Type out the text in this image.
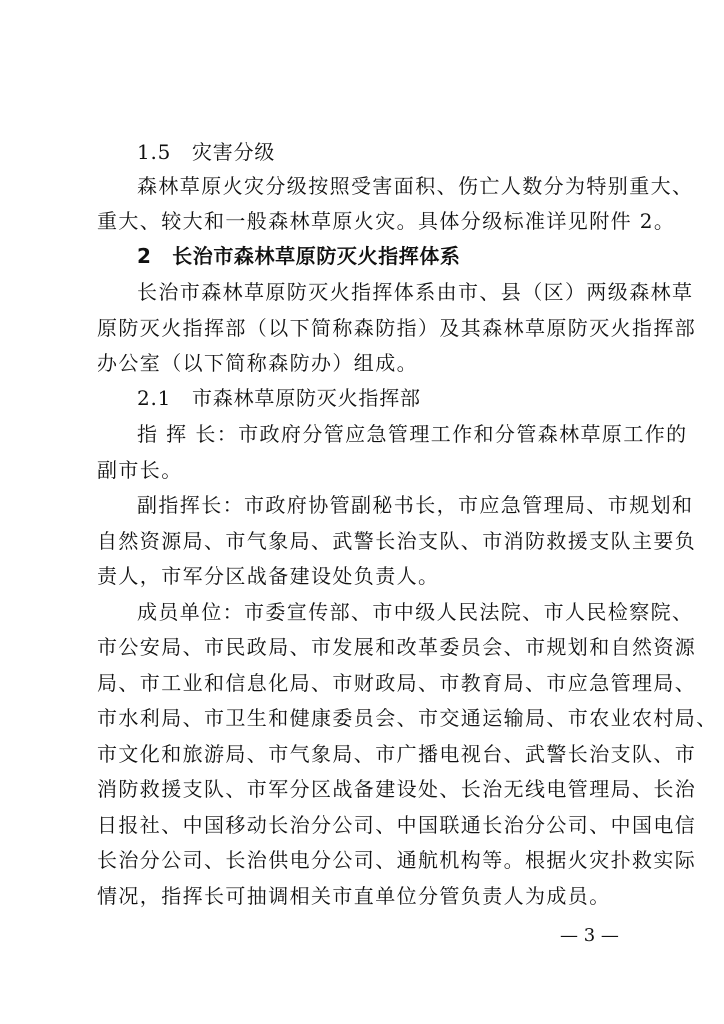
1.5　灾害分级
森林草原火灾分级按照受害面积、伤亡人数分为特别重大、
重大、较大和一般森林草原火灾。具体分级标准详见附件 2。
2　长治市森林草原防灭火指挥体系
长治市森林草原防灭火指挥体系由市、县（区）两级森林草
原防灭火指挥部（以下简称森防指）及其森林草原防灭火指挥部
办公室（以下简称森防办）组成。
2.1　市森林草原防灭火指挥部
指 挥 长：市政府分管应急管理工作和分管森林草原工作的
副市长。
副指挥长：市政府协管副秘书长，市应急管理局、市规划和
自然资源局、市气象局、武警长治支队、市消防救援支队主要负
责人，市军分区战备建设处负责人。
成员单位：市委宣传部、市中级人民法院、市人民检察院、
市公安局、市民政局、市发展和改革委员会、市规划和自然资源
局、市工业和信息化局、市财政局、市教育局、市应急管理局、
市水利局、市卫生和健康委员会、市交通运输局、市农业农村局、
市文化和旅游局、市气象局、市广播电视台、武警长治支队、市
消防救援支队、市军分区战备建设处、长治无线电管理局、长治
日报社、中国移动长治分公司、中国联通长治分公司、中国电信
长治分公司、长治供电分公司、通航机构等。根据火灾扑救实际
情况，指挥长可抽调相关市直单位分管负责人为成员。
— 3 —
